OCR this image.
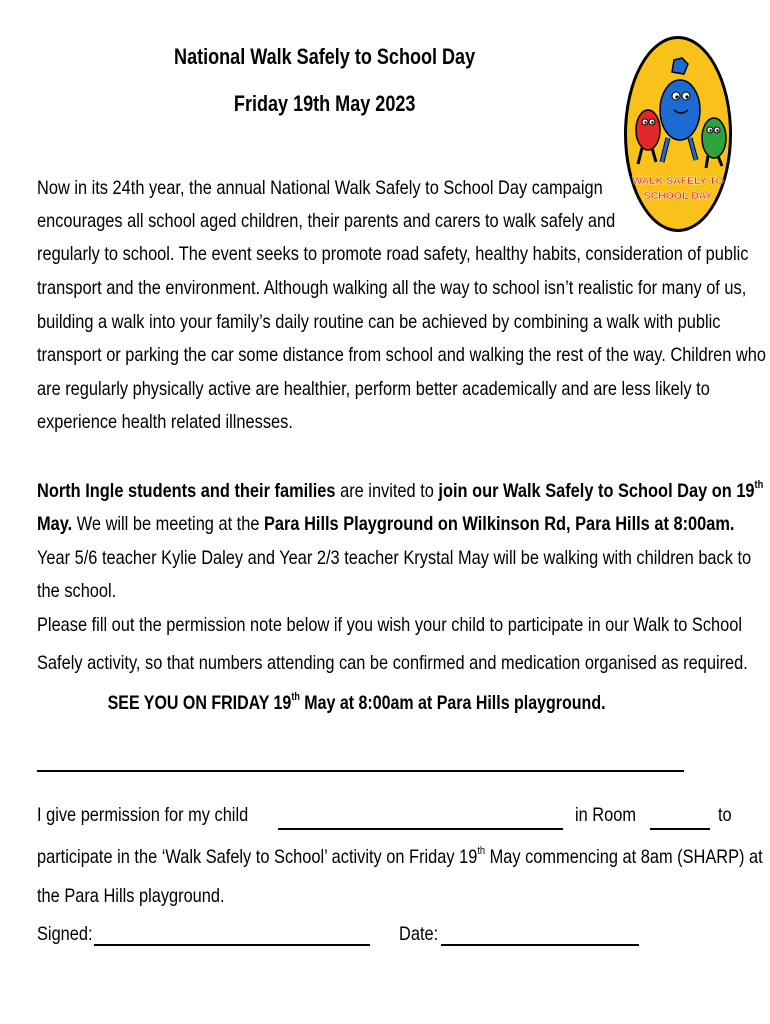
National Walk Safely to School Day
Friday 19th May 2023
WALK SAFELY TO
SCHOOL DAY
Now in its 24th year, the annual National Walk Safely to School Day campaign
encourages all school aged children, their parents and carers to walk safely and
regularly to school. The event seeks to promote road safety, healthy habits, consideration of public
transport and the environment. Although walking all the way to school isn’t realistic for many of us,
building a walk into your family’s daily routine can be achieved by combining a walk with public
transport or parking the car some distance from school and walking the rest of the way. Children who
are regularly physically active are healthier, perform better academically and are less likely to
experience health related illnesses.
North Ingle students and their families are invited to join our Walk Safely to School Day on 19th
May. We will be meeting at the Para Hills Playground on Wilkinson Rd, Para Hills at 8:00am.
Year 5/6 teacher Kylie Daley and Year 2/3 teacher Krystal May will be walking with children back to
the school.
Please fill out the permission note below if you wish your child to participate in our Walk to School
Safely activity, so that numbers attending can be confirmed and medication organised as required.
SEE YOU ON FRIDAY 19th May at 8:00am at Para Hills playground.
I give permission for my child	in Room	to
participate in the ‘Walk Safely to School’ activity on Friday 19th May commencing at 8am (SHARP) at
the Para Hills playground.
Signed:	Date:
